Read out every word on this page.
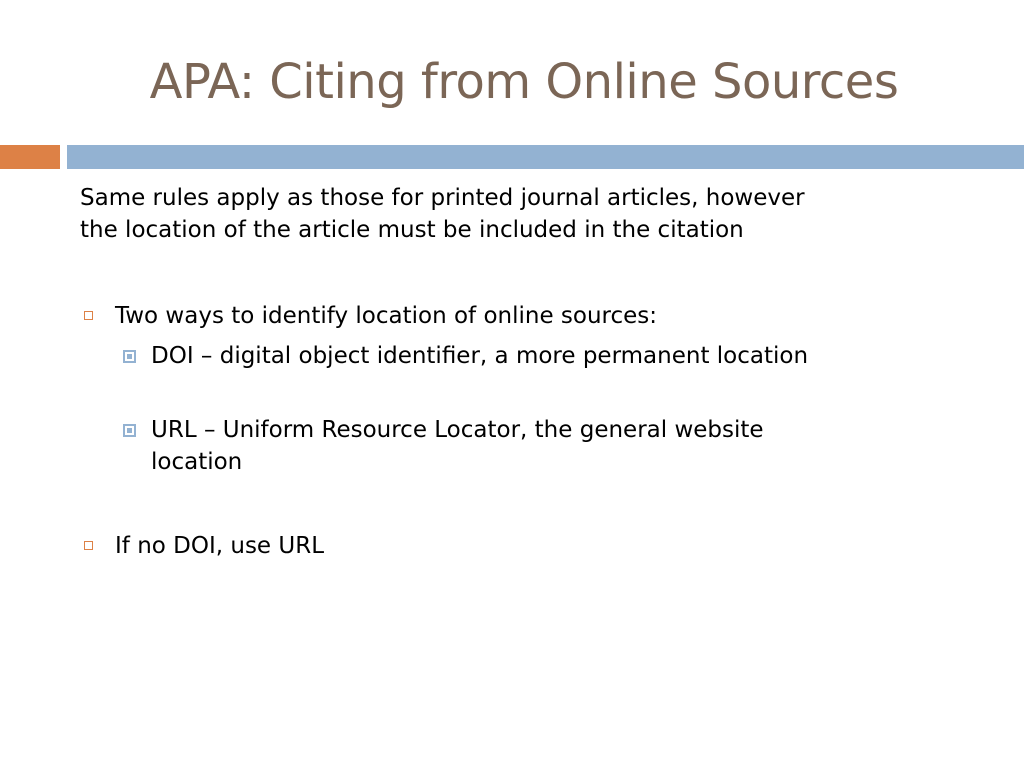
APA: Citing from Online Sources
Same rules apply as those for printed journal articles, however
the location of the article must be included in the citation
Two ways to identify location of online sources:
DOI – digital object identifier, a more permanent location
URL – Uniform Resource Locator, the general website
location
If no DOI, use URL
